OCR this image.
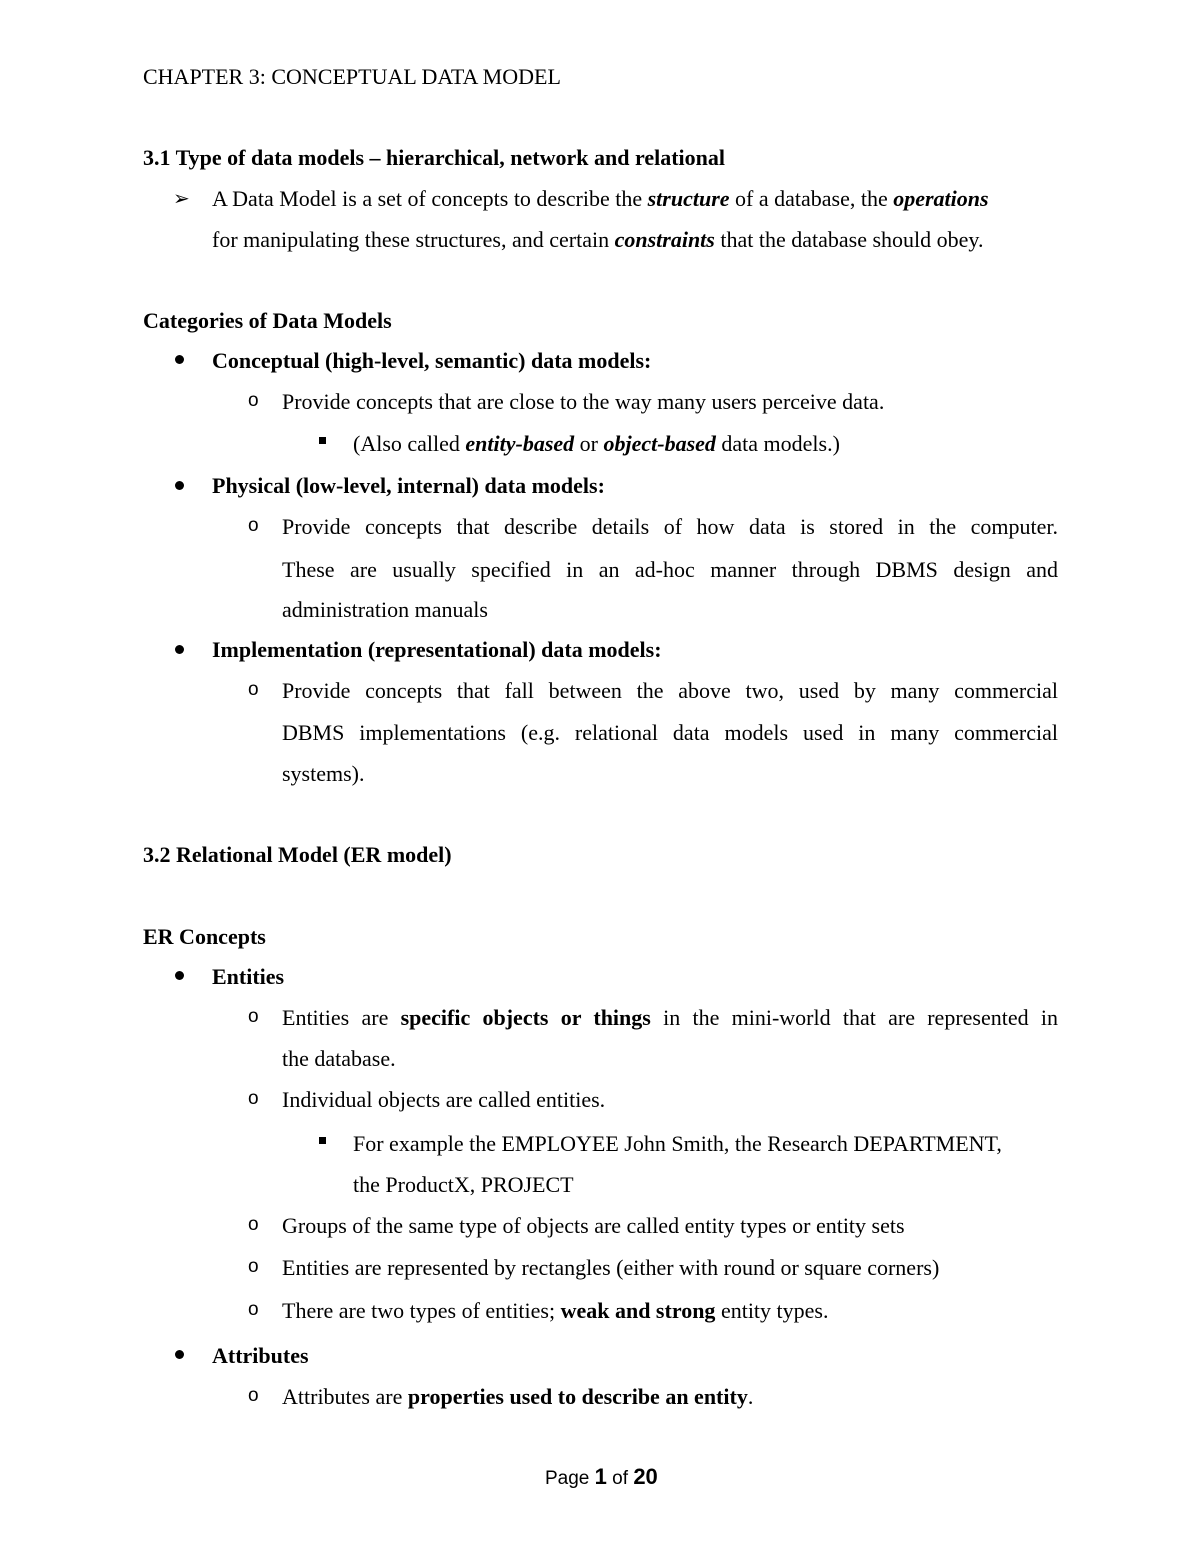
CHAPTER 3: CONCEPTUAL DATA MODEL
3.1 Type of data models – hierarchical, network and relational
➢ A Data Model is a set of concepts to describe the structure of a database, the operations
for manipulating these structures, and certain constraints that the database should obey.
Categories of Data Models
Conceptual (high-level, semantic) data models:
o Provide concepts that are close to the way many users perceive data.
(Also called entity-based or object-based data models.)
Physical (low-level, internal) data models:
o Provide concepts that describe details of how data is stored in the computer.
These are usually specified in an ad-hoc manner through DBMS design and
administration manuals
Implementation (representational) data models:
o Provide concepts that fall between the above two, used by many commercial
DBMS implementations (e.g. relational data models used in many commercial
systems).
3.2 Relational Model (ER model)
ER Concepts
Entities
o Entities are specific objects or things in the mini-world that are represented in
the database.
o Individual objects are called entities.
For example the EMPLOYEE John Smith, the Research DEPARTMENT,
the ProductX, PROJECT
o Groups of the same type of objects are called entity types or entity sets
o Entities are represented by rectangles (either with round or square corners)
o There are two types of entities; weak and strong entity types.
Attributes
o Attributes are properties used to describe an entity.
Page 1 of 20
